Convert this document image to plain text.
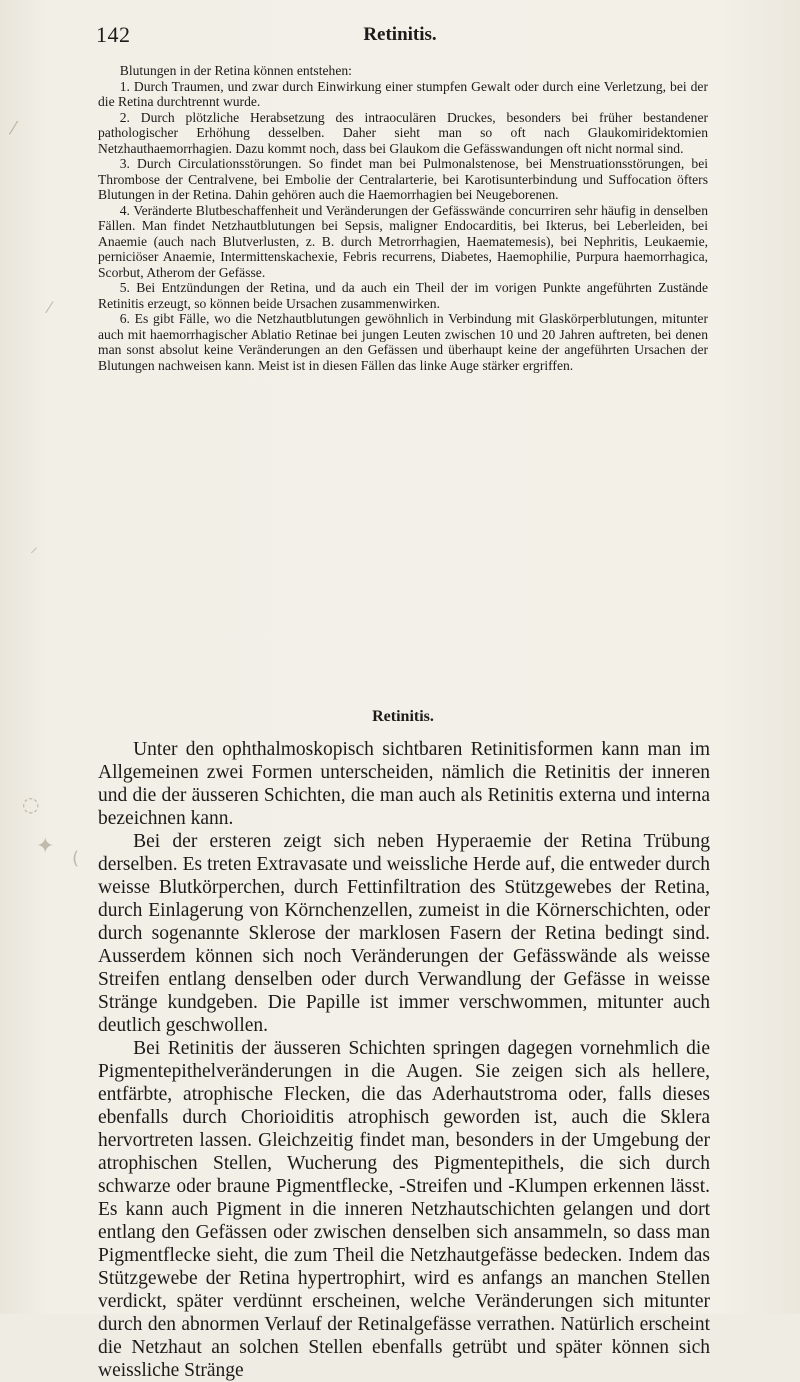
142	Retinitis.

Blutungen in der Retina können entstehen:

1. Durch Traumen, und zwar durch Einwirkung einer stumpfen Gewalt oder durch eine Verletzung, bei der die Retina durchtrennt wurde.

2. Durch plötzliche Herabsetzung des intraoculären Druckes, besonders bei früher bestandener pathologischer Erhöhung desselben. Daher sieht man so oft nach Glaukomiridektomien Netzhauthaemorrhagien. Dazu kommt noch, dass bei Glaukom die Gefässwandungen oft nicht normal sind.

3. Durch Circulationsstörungen. So findet man bei Pulmonalstenose, bei Menstruationsstörungen, bei Thrombose der Centralvene, bei Embolie der Centralarterie, bei Karotisunterbindung und Suffocation öfters Blutungen in der Retina. Dahin gehören auch die Haemorrhagien bei Neugeborenen.

4. Veränderte Blutbeschaffenheit und Veränderungen der Gefässwände concurriren sehr häufig in denselben Fällen. Man findet Netzhautblutungen bei Sepsis, maligner Endocarditis, bei Ikterus, bei Leberleiden, bei Anaemie (auch nach Blutverlusten, z. B. durch Metrorrhagien, Haematemesis), bei Nephritis, Leukaemie, perniciöser Anaemie, Intermittenskachexie, Febris recurrens, Diabetes, Haemophilie, Purpura haemorrhagica, Scorbut, Atherom der Gefässe.

5. Bei Entzündungen der Retina, und da auch ein Theil der im vorigen Punkte angeführten Zustände Retinitis erzeugt, so können beide Ursachen zusammenwirken.

6. Es gibt Fälle, wo die Netzhautblutungen gewöhnlich in Verbindung mit Glaskörperblutungen, mitunter auch mit haemorrhagischer Ablatio Retinae bei jungen Leuten zwischen 10 und 20 Jahren auftreten, bei denen man sonst absolut keine Veränderungen an den Gefässen und überhaupt keine der angeführten Ursachen der Blutungen nachweisen kann. Meist ist in diesen Fällen das linke Auge stärker ergriffen.

Retinitis.

Unter den ophthalmoskopisch sichtbaren Retinitisformen kann man im Allgemeinen zwei Formen unterscheiden, nämlich die Retinitis der inneren und die der äusseren Schichten, die man auch als Retinitis externa und interna bezeichnen kann.

Bei der ersteren zeigt sich neben Hyperaemie der Retina Trübung derselben. Es treten Extravasate und weissliche Herde auf, die entweder durch weisse Blutkörperchen, durch Fettinfiltration des Stützgewebes der Retina, durch Einlagerung von Körnchenzellen, zumeist in die Körnerschichten, oder durch sogenannte Sklerose der marklosen Fasern der Retina bedingt sind. Ausserdem können sich noch Veränderungen der Gefässwände als weisse Streifen entlang denselben oder durch Verwandlung der Gefässe in weisse Stränge kundgeben. Die Papille ist immer verschwommen, mitunter auch deutlich geschwollen.

Bei Retinitis der äusseren Schichten springen dagegen vornehmlich die Pigmentepithelveränderungen in die Augen. Sie zeigen sich als hellere, entfärbte, atrophische Flecken, die das Aderhautstroma oder, falls dieses ebenfalls durch Chorioiditis atrophisch geworden ist, auch die Sklera hervortreten lassen. Gleichzeitig findet man, besonders in der Umgebung der atrophischen Stellen, Wucherung des Pigmentepithels, die sich durch schwarze oder braune Pigmentflecke, -Streifen und -Klumpen erkennen lässt. Es kann auch Pigment in die inneren Netzhautschichten gelangen und dort entlang den Gefässen oder zwischen denselben sich ansammeln, so dass man Pigmentflecke sieht, die zum Theil die Netzhautgefässe bedecken. Indem das Stützgewebe der Retina hypertrophirt, wird es anfangs an manchen Stellen verdickt, später verdünnt erscheinen, welche Veränderungen sich mitunter durch den abnormen Verlauf der Retinalgefässe verrathen. Natürlich erscheint die Netzhaut an solchen Stellen ebenfalls getrübt und später können sich weissliche Stränge

⁄
⁄
⸝
◌
✦ (
